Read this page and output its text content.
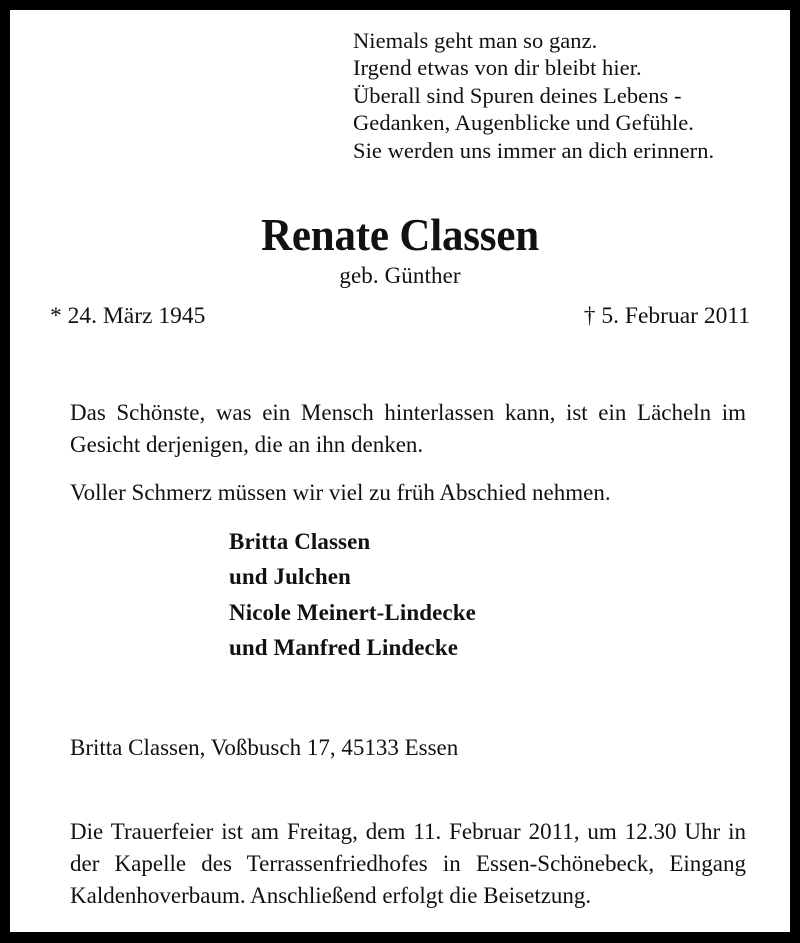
Niemals geht man so ganz.
Irgend etwas von dir bleibt hier.
Überall sind Spuren deines Lebens -
Gedanken, Augenblicke und Gefühle.
Sie werden uns immer an dich erinnern.
Renate Classen
geb. Günther
* 24. März 1945	† 5. Februar 2011

Das Schönste, was ein Mensch hinterlassen kann, ist ein Lächeln im Gesicht derjenigen, die an ihn denken.

Voller Schmerz müssen wir viel zu früh Abschied nehmen.

Britta Classen
und Julchen
Nicole Meinert-Lindecke
und Manfred Lindecke

Britta Classen, Voßbusch 17, 45133 Essen

Die Trauerfeier ist am Freitag, dem 11. Februar 2011, um 12.30 Uhr in der Kapelle des Terrassenfriedhofes in Essen-Schönebeck, Eingang Kaldenhoverbaum. Anschließend erfolgt die Beisetzung.
